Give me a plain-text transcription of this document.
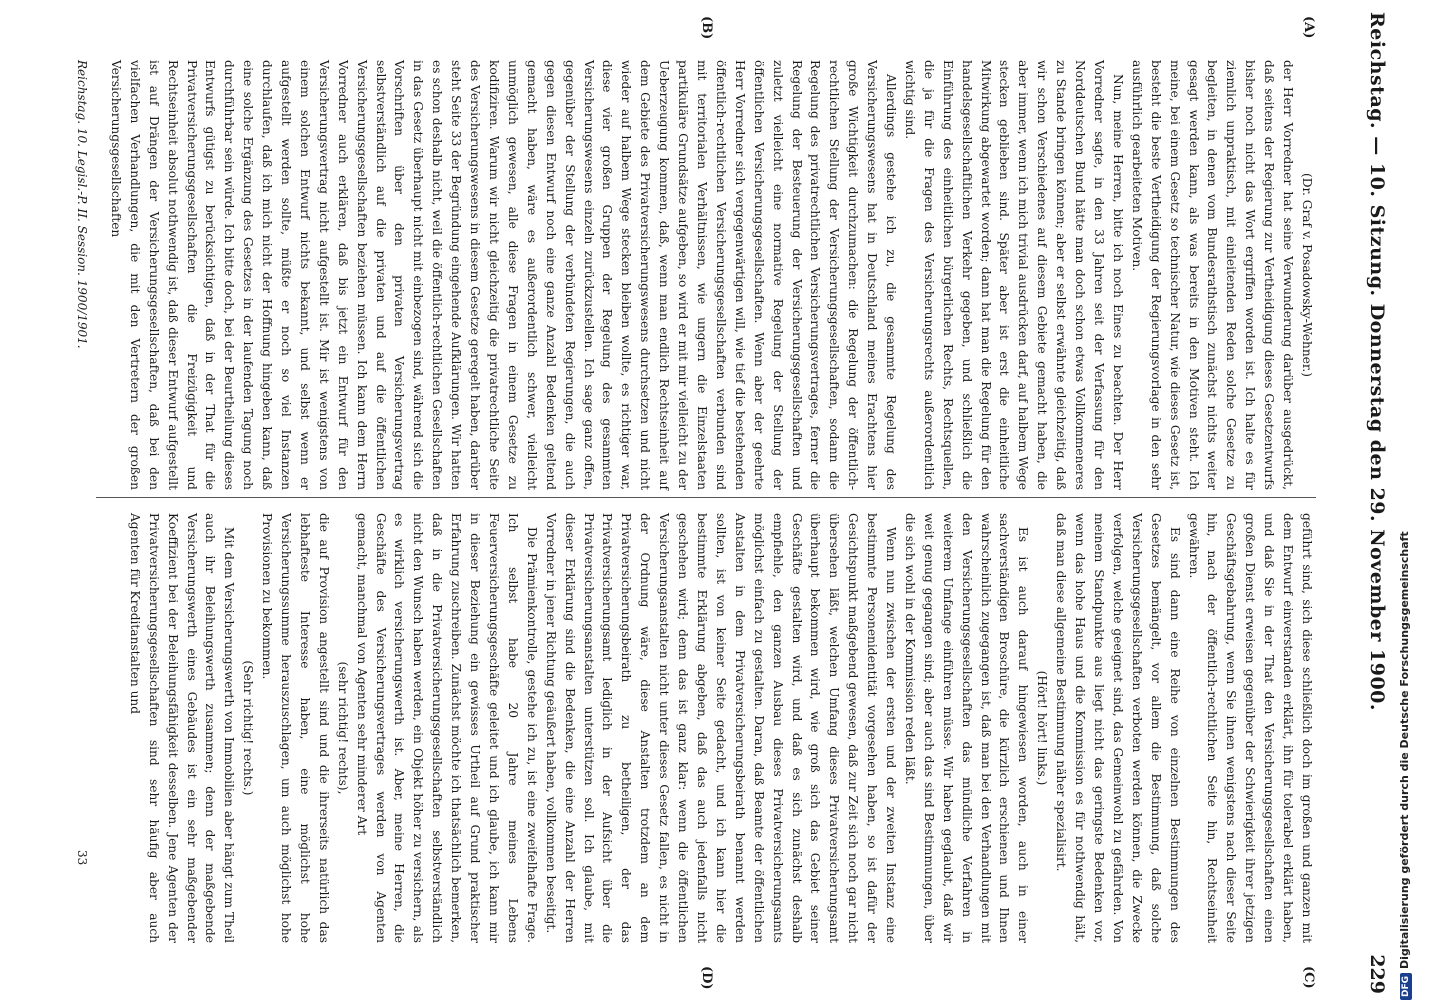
Reichstag. — 10. Sitzung. Donnerstag den 29. November 1900.
229
(A)
(B)
(C)
(D)

(Dr. Graf v. Posadowsky-Wehner.)

der Herr Vorredner hat seine Verwunderung darüber ausgedrückt, daß seitens der Regierung zur Vertheidigung dieses Gesetzentwurfs bisher noch nicht das Wort ergriffen worden ist. Ich halte es für ziemlich unpraktisch, mit einleitenden Reden solche Gesetze zu begleiten, in denen vom Bundesrathstisch zunächst nichts weiter gesagt werden kann, als was bereits in den Motiven steht. Ich meine, bei einem Gesetz so technischer Natur, wie dieses Gesetz ist, besteht die beste Vertheidigung der Regierungsvorlage in den sehr ausführlich gearbeiteten Motiven.

Nun, meine Herren, bitte ich noch Eines zu beachten. Der Herr Vorredner sagte, in den 33 Jahren seit der Verfassung für den Norddeutschen Bund hätte man doch schon etwas Vollkommeneres zu Stande bringen können; aber er selbst erwähnte gleichzeitig, daß wir schon Verschiedenes auf diesem Gebiete gemacht haben, die aber immer, wenn ich mich trivial ausdrücken darf, auf halbem Wege stecken geblieben sind. Später aber ist erst die einheitliche Mitwirkung abgewartet worden; dann hat man die Regelung für den handelsgesellschaftlichen Verkehr gegeben, und schließlich die Einführung des einheitlichen bürgerlichen Rechts, Rechtsquellen, die ja für die Fragen des Versicherungsrechts außerordentlich wichtig sind.

Allerdings gestehe ich zu, die gesammte Regelung des Versicherungswesens hat in Deutschland meines Erachtens hier große Wichtigkeit durchzumachen: die Regelung der öffentlich-rechtlichen Stellung der Versicherungsgesellschaften, sodann die Regelung des privatrechtlichen Versicherungsvertrages, ferner die Regelung der Besteuerung der Versicherungsgesellschaften und zuletzt vielleicht eine normative Regelung der Stellung der öffentlichen Versicherungsgesellschaften. Wenn aber der geehrte Herr Vorredner sich vergegenwärtigen will, wie tief die bestehenden öffentlich-rechtlichen Versicherungsgesellschaften verbunden sind mit territorialen Verhältnissen, wie ungern die Einzelstaaten partikuläre Grundsätze aufgeben, so wird er mit mir vielleicht zu der Ueberzeugung kommen, daß, wenn man endlich Rechtseinheit auf dem Gebiete des Privatversicherungswesens durchsetzen und nicht wieder auf halbem Wege stecken bleiben wollte, es richtiger war, diese vier großen Gruppen der Regelung des gesammten Versicherungswesens einzeln zurückzustellen. Ich sage ganz offen, gegenüber der Stellung der verbündeten Regierungen, die auch gegen diesen Entwurf noch eine ganze Anzahl Bedenken geltend gemacht haben, wäre es außerordentlich schwer, vielleicht unmöglich gewesen, alle diese Fragen in einem Gesetze zu kodifiziren. Warum wir nicht gleichzeitig die privatrechtliche Seite des Versicherungswesens in diesem Gesetze geregelt haben, darüber steht Seite 33 der Begründung eingehende Aufklärungen. Wir hatten es schon deshalb nicht, weil die öffentlich-rechtlichen Gesellschaften in das Gesetz überhaupt nicht mit einbezogen sind, während sich die Vorschriften über den privaten Versicherungsvertrag selbstverständlich auf die privaten und auf die öffentlichen Versicherungsgesellschaften beziehen müssen. Ich kann dem Herrn Vorredner auch erklären, daß bis jetzt ein Entwurf für den Versicherungsvertrag nicht aufgestellt ist. Mir ist wenigstens von einem solchen Entwurf nichts bekannt, und selbst wenn er aufgestellt werden sollte, müßte er noch so viel Instanzen durchlaufen, daß ich mich nicht der Hoffnung hingeben kann, daß eine solche Ergänzung des Gesetzes in der laufenden Tagung noch durchführbar sein würde. Ich bitte doch, bei der Beurtheilung dieses Entwurfs gütigst zu berücksichtigen, daß in der That für die Privatversicherungsgesellschaften die Freizügigkeit und Rechtseinheit absolut nothwendig ist, daß dieser Entwurf aufgestellt ist auf Drängen der Versicherungsgesellschaften, daß bei den vielfachen Verhandlungen, die mit den Vertretern der großen Versicherungsgesellschaften

geführt sind, sich diese schließlich doch im großen und ganzen mit dem Entwurf einverstanden erklärt, ihn für tolerabel erklärt haben, und daß Sie in der That den Versicherungsgesellschaften einen großen Dienst erweisen gegenüber der Schwierigkeit ihrer jetzigen Geschäftsgebahrung, wenn Sie ihnen wenigstens nach dieser Seite hin, nach der öffentlich-rechtlichen Seite hin, Rechtseinheit gewähren.

Es sind dann eine Reihe von einzelnen Bestimmungen des Gesetzes bemängelt, vor allem die Bestimmung, daß solche Versicherungsgesellschaften verboten werden können, die Zwecke verfolgen, welche geeignet sind, das Gemeinwohl zu gefährden. Von meinem Standpunkte aus liegt nicht das geringste Bedenken vor, wenn das hohe Haus und die Kommission es für nothwendig hält, daß man diese allgemeine Bestimmung näher spezialisirt.

(Hört! hört! links.)

Es ist auch darauf hingewiesen worden, auch in einer sachverständigen Broschüre, die kürzlich erschienen und Ihnen wahrscheinlich zugegangen ist, daß man bei den Verhandlungen mit den Versicherungsgesellschaften das mündliche Verfahren in weiterem Umfange einführen müsse. Wir haben geglaubt, daß wir weit genug gegangen sind; aber auch das sind Bestimmungen, über die sich wohl in der Kommission reden läßt.

Wenn nun zwischen der ersten und der zweiten Instanz eine bestimmte Personenidentität vorgesehen haben, so ist dafür der Gesichtspunkt maßgebend gewesen, daß zur Zeit sich noch gar nicht übersehen läßt, welchen Umfang dieses Privatversicherungsamt überhaupt bekommen wird, wie groß sich das Gebiet seiner Geschäfte gestalten wird, und daß es sich zunächst deshalb empfiehle, den ganzen Ausbau dieses Privatversicherungsamts möglichst einfach zu gestalten. Daran, daß Beamte der öffentlichen Anstalten in dem Privatversicherungsbeirath benannt werden sollten, ist von keiner Seite gedacht, und ich kann hier die bestimmte Erklärung abgeben, daß das auch jedenfalls nicht geschehen wird; denn das ist ganz klar: wenn die öffentlichen Versicherungsanstalten nicht unter dieses Gesetz fallen, es nicht in der Ordnung wäre, diese Anstalten trotzdem an dem Privatversicherungsbeirath zu betheiligen, der das Privatversicherungsamt lediglich in der Aufsicht über die Privatversicherungsanstalten unterstützen soll. Ich glaube, mit dieser Erklärung sind die Bedenken, die eine Anzahl der Herren Vorredner in jener Richtung geäußert haben, vollkommen beseitigt.

Die Prämienkontrolle, gestehe ich zu, ist eine zweifelhafte Frage. Ich selbst habe 20 Jahre meines Lebens Feuerversicherungsgeschäfte geleitet und ich glaube, ich kann mir in dieser Beziehung ein gewisses Urtheil auf Grund praktischer Erfahrung zuschreiben. Zunächst möchte ich thatsächlich bemerken, daß in die Privatversicherungsgesellschaften selbstverständlich nicht den Wunsch haben werden, ein Objekt höher zu versichern, als es wirklich versicherungswerth ist. Aber, meine Herren, die Geschäfte des Versicherungsvertrages werden von Agenten gemacht, manchmal von Agenten sehr minderer Art

(sehr richtig! rechts),

die auf Provision angestellt sind und die ihrerseits natürlich das lebhafteste Interesse haben, eine möglichst hohe Versicherungssumme herauszuschlagen, um auch möglichst hohe Provisionen zu bekommen.

(Sehr richtig! rechts.)

Mit dem Versicherungswerth von Immobilien aber hängt zum Theil auch ihr Beleihungswerth zusammen; denn der maßgebende Versicherungswerth eines Gebäudes ist ein sehr maßgebender Koeffizient bei der Beleihungsfähigkeit desselben. Jene Agenten der Privatversicherungsgesellschaften sind sehr häufig aber auch Agenten für Kreditanstalten und

Reichstag. 10. Legisl.-P. II. Session. 1900/1901.
33
DFGDigitalisierung gefördert durch die Deutsche Forschungsgemeinschaft
